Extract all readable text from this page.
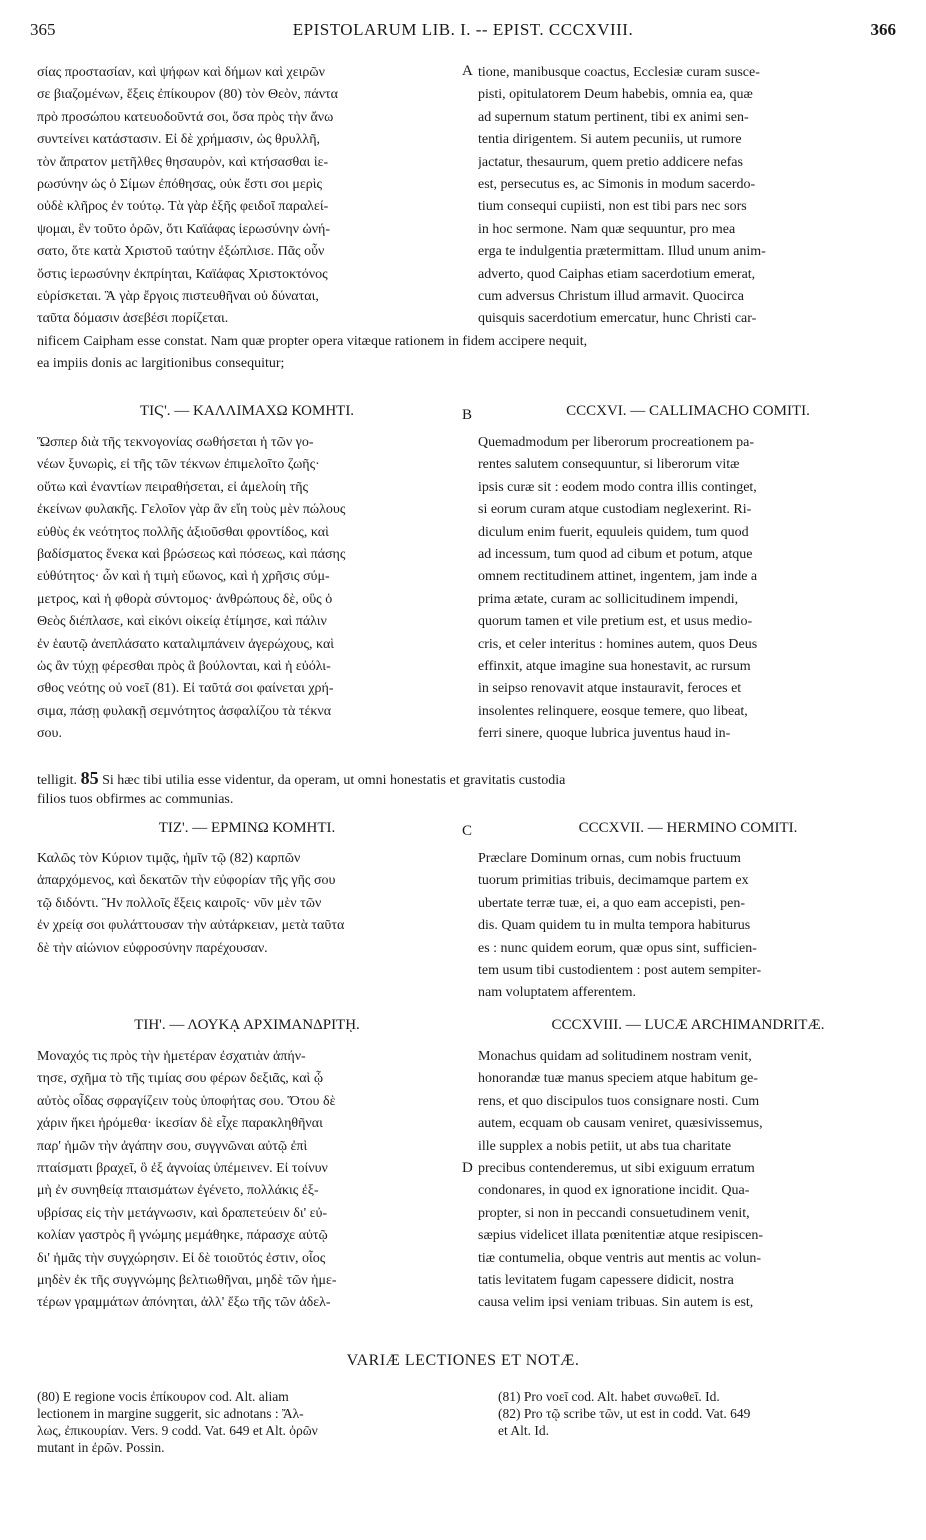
365	EPISTOLARUM LIB. I. -- EPIST. CCCXVIII.	366
σίας προστασίαν, καὶ ψήφων καὶ δήμων καὶ χειρῶν
σε βιαζομένων, ἕξεις ἐπίκουρον (80) τὸν Θεὸν, πάντα
πρὸ προσώπου κατευοδοῦντά σοι, ὅσα πρὸς τὴν ἄνω
συντείνει κατάστασιν. Εἰ δὲ χρήμασιν, ὡς θρυλλῆ,
τὸν ἄπρατον μετῆλθες θησαυρὸν, καὶ κτήσασθαι ἱε-
ρωσύνην ὡς ὁ Σίμων ἐπόθησας, οὐκ ἔστι σοι μερὶς
οὐδὲ κλῆρος ἐν τούτῳ. Τὰ γὰρ ἑξῆς φειδοῖ παραλεί-
ψομαι, ἓν τοῦτο ὁρῶν, ὅτι Καϊάφας ἱερωσύνην ὠνή-
σατο, ὅτε κατὰ Χριστοῦ ταύτην ἐξώπλισε. Πᾶς οὖν
ὅστις ἱερωσύνην ἐκπρίηται, Καϊάφας Χριστοκτόνος
εὑρίσκεται. Ἃ γὰρ ἔργοις πιστευθῆναι οὐ δύναται,
ταῦτα δόμασιν ἀσεβέσι πορίζεται.
A tione, manibusque coactus, Ecclesiæ curam susce-
pisti, opitulatorem Deum habebis, omnia ea, quæ
ad supernum statum pertinent, tibi ex animi sen-
tentia dirigentem. Si autem pecuniis, ut rumore
jactatur, thesaurum, quem pretio addicere nefas
est, persecutus es, ac Simonis in modum sacerdo-
tium consequi cupiisti, non est tibi pars nec sors
in hoc sermone. Nam quæ sequuntur, pro mea
erga te indulgentia prætermittam. Illud unum anim-
adverto, quod Caiphas etiam sacerdotium emerat,
cum adversus Christum illud armavit. Quocirca
quisquis sacerdotium emercatur, hunc Christi car-
nificem Caipham esse constat. Nam quæ propter opera vitæque rationem in fidem accipere nequit,
ea impiis donis ac largitionibus consequitur;
ΤΙϚ'. — ΚΑΛΛΙΜΑΧΩ ΚΟΜΗΤΙ.	B	CCCXVI. — CALLIMACHO COMITI.
Ὥσπερ διὰ τῆς τεκνογονίας σωθήσεται ἡ τῶν γο-
νέων ξυνωρὶς, εἰ τῆς τῶν τέκνων ἐπιμελοῖτο ζωῆς·
οὕτω καὶ ἐναντίων πειραθήσεται, εἰ ἀμελοίη τῆς
ἐκείνων φυλακῆς. Γελοῖον γὰρ ἂν εἴη τοὺς μὲν πώλους
εὐθὺς ἐκ νεότητος πολλῆς ἀξιοῦσθαι φροντίδος, καὶ
βαδίσματος ἕνεκα καὶ βρώσεως καὶ πόσεως, καὶ πάσης
εὐθύτητος· ὧν καὶ ἡ τιμὴ εὔωνος, καὶ ἡ χρῆσις σύμ-
μετρος, καὶ ἡ φθορὰ σύντομος· ἀνθρώπους δὲ, οὓς ὁ
Θεὸς διέπλασε, καὶ εἰκόνι οἰκείᾳ ἐτίμησε, καὶ πάλιν
ἐν ἑαυτῷ ἀνεπλάσατο καταλιμπάνειν ἀγερώχους, καὶ
ὡς ἂν τύχῃ φέρεσθαι πρὸς ἃ βούλονται, καὶ ἡ εὐόλι-
σθος νεότης οὐ νοεῖ (81). Εἰ ταῦτά σοι φαίνεται χρή-
σιμα, πάσῃ φυλακῇ σεμνότητος ἀσφαλίζου τὰ τέκνα
σου.
Quemadmodum per liberorum procreationem pa-
rentes salutem consequuntur, si liberorum vitæ
ipsis curæ sit : eodem modo contra illis continget,
si eorum curam atque custodiam neglexerint. Ri-
diculum enim fuerit, equuleis quidem, tum quod
ad incessum, tum quod ad cibum et potum, atque
omnem rectitudinem attinet, ingentem, jam inde a
prima ætate, curam ac sollicitudinem impendi,
quorum tamen et vile pretium est, et usus medio-
cris, et celer interitus : homines autem, quos Deus
effinxit, atque imagine sua honestavit, ac rursum
in seipso renovavit atque instauravit, feroces et
insolentes relinquere, eosque temere, quo libeat,
ferri sinere, quoque lubrica juventus haud in-
telligit. 85 Si hæc tibi utilia esse videntur, da operam, ut omni honestatis et gravitatis custodia
filios tuos obfirmes ac communias.
ΤΙΖ'. — ΕΡΜΙΝΩ ΚΟΜΗΤΙ.	C	CCCXVII. — HERMINO COMITI.
Καλῶς τὸν Κύριον τιμᾷς, ἡμῖν τῷ (82) καρπῶν
ἀπαρχόμενος, καὶ δεκατῶν τὴν εὐφορίαν τῆς γῆς σου
τῷ διδόντι. Ἣν πολλοῖς ἕξεις καιροῖς· νῦν μὲν τῶν
ἐν χρείᾳ σοι φυλάττουσαν τὴν αὐτάρκειαν, μετὰ ταῦτα
δὲ τὴν αἰώνιον εὐφροσύνην παρέχουσαν.
Præclare Dominum ornas, cum nobis fructuum
tuorum primitias tribuis, decimamque partem ex
ubertate terræ tuæ, ei, a quo eam accepisti, pen-
dis. Quam quidem tu in multa tempora habiturus
es : nunc quidem eorum, quæ opus sint, sufficien-
tem usum tibi custodientem : post autem sempiter-
nam voluptatem afferentem.
ΤΙΗ'. — ΛΟΥΚᾼ ΑΡΧΙΜΑΝΔΡΙΤῌ.	CCCXVIII. — LUCÆ ARCHIMANDRITÆ.
Μοναχός τις πρὸς τὴν ἡμετέραν ἐσχατιὰν ἀπήν-
τησε, σχῆμα τὸ τῆς τιμίας σου φέρων δεξιᾶς, καὶ ᾧ
αὐτὸς οἶδας σφραγίζειν τοὺς ὑποφήτας σου. Ὅτου δὲ
χάριν ἥκει ἠρόμεθα· ἱκεσίαν δὲ εἶχε παρακληθῆναι
παρ' ἡμῶν τὴν ἀγάπην σου, συγγνῶναι αὐτῷ ἐπὶ
πταίσματι βραχεῖ, ὃ ἐξ ἀγνοίας ὑπέμεινεν. Εἰ τοίνυν
μὴ ἐν συνηθείᾳ πταισμάτων ἐγένετο, πολλάκις ἐξ-
υβρίσας εἰς τὴν μετάγνωσιν, καὶ δραπετεύειν δι' εὐ-
κολίαν γαστρὸς ἢ γνώμης μεμάθηκε, πάρασχε αὐτῷ
δι' ἡμᾶς τὴν συγχώρησιν. Εἰ δὲ τοιοῦτός ἐστιν, οἷος
μηδὲν ἐκ τῆς συγγνώμης βελτιωθῆναι, μηδὲ τῶν ἡμε-
τέρων γραμμάτων ἀπόνηται, ἀλλ' ἔξω τῆς τῶν ἀδελ-
D
Monachus quidam ad solitudinem nostram venit,
honorandæ tuæ manus speciem atque habitum ge-
rens, et quo discipulos tuos consignare nosti. Cum
autem, ecquam ob causam veniret, quæsivissemus,
ille supplex a nobis petiit, ut abs tua charitate
precibus contenderemus, ut sibi exiguum erratum
condonares, in quod ex ignoratione incidit. Qua-
propter, si non in peccandi consuetudinem venit,
sæpius videlicet illata pœnitentiæ atque resipiscen-
tiæ contumelia, obque ventris aut mentis ac volun-
tatis levitatem fugam capessere didicit, nostra
causa velim ipsi veniam tribuas. Sin autem is est,
VARIÆ LECTIONES ET NOTÆ.
(80) E regione vocis ἐπίκουρον cod. Alt. aliam
lectionem in margine suggerit, sic adnotans : Ἄλ-
λως, ἐπικουρίαν. Vers. 9 codd. Vat. 649 et Alt. ὁρῶν
mutant in ἐρῶν. Possin.
(81) Pro νοεῖ cod. Alt. habet συνωθεῖ. Id.
(82) Pro τῷ scribe τῶν, ut est in codd. Vat. 649
et Alt. Id.
